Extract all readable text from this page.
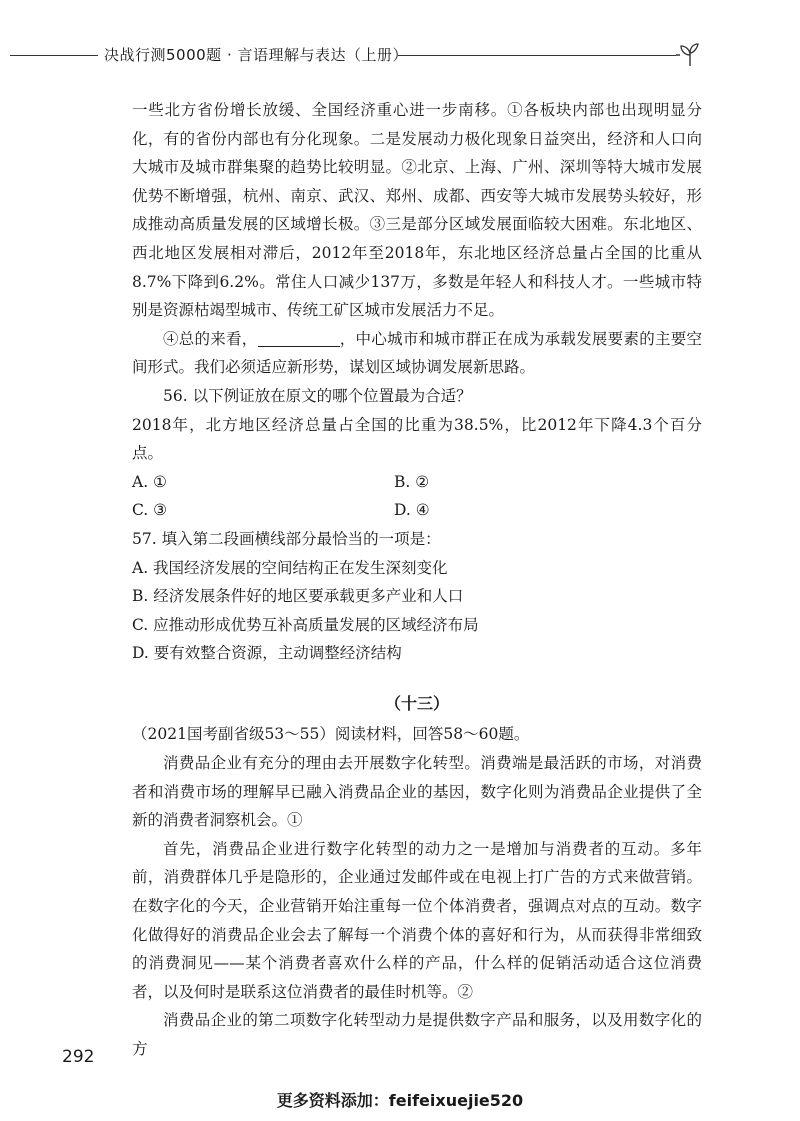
决战行测5000题 · 言语理解与表达（上册）

一些北方省份增长放缓、全国经济重心进一步南移。①各板块内部也出现明显分化，有的省份内部也有分化现象。二是发展动力极化现象日益突出，经济和人口向大城市及城市群集聚的趋势比较明显。②北京、上海、广州、深圳等特大城市发展优势不断增强，杭州、南京、武汉、郑州、成都、西安等大城市发展势头较好，形成推动高质量发展的区域增长极。③三是部分区域发展面临较大困难。东北地区、西北地区发展相对滞后，2012年至2018年，东北地区经济总量占全国的比重从8.7%下降到6.2%。常住人口减少137万，多数是年轻人和科技人才。一些城市特别是资源枯竭型城市、传统工矿区城市发展活力不足。

④总的来看，	，中心城市和城市群正在成为承载发展要素的主要空间形式。我们必须适应新形势，谋划区域协调发展新思路。

56. 以下例证放在原文的哪个位置最为合适？

2018年，北方地区经济总量占全国的比重为38.5%，比2012年下降4.3个百分点。

A. ①	B. ②

C. ③	D. ④

57. 填入第二段画横线部分最恰当的一项是：

A. 我国经济发展的空间结构正在发生深刻变化

B. 经济发展条件好的地区要承载更多产业和人口

C. 应推动形成优势互补高质量发展的区域经济布局

D. 要有效整合资源，主动调整经济结构

（十三）

（2021国考副省级53～55）阅读材料，回答58～60题。

消费品企业有充分的理由去开展数字化转型。消费端是最活跃的市场，对消费者和消费市场的理解早已融入消费品企业的基因，数字化则为消费品企业提供了全新的消费者洞察机会。①

首先，消费品企业进行数字化转型的动力之一是增加与消费者的互动。多年前，消费群体几乎是隐形的，企业通过发邮件或在电视上打广告的方式来做营销。在数字化的今天，企业营销开始注重每一位个体消费者，强调点对点的互动。数字化做得好的消费品企业会去了解每一个消费个体的喜好和行为，从而获得非常细致的消费洞见——某个消费者喜欢什么样的产品，什么样的促销活动适合这位消费者，以及何时是联系这位消费者的最佳时机等。②

消费品企业的第二项数字化转型动力是提供数字产品和服务，以及用数字化的方

292
更多资料添加：feifeixuejie520
